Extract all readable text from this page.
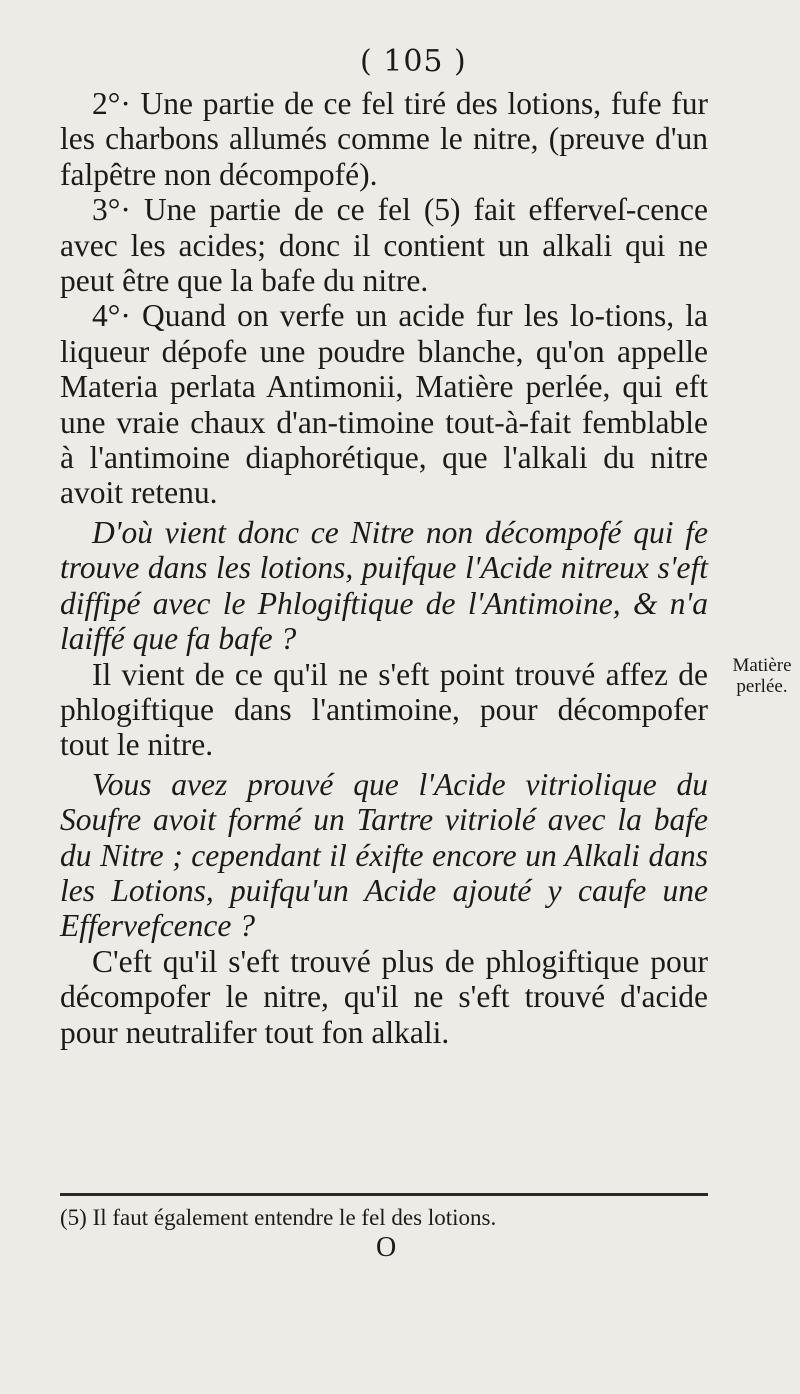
( 105 )

2°· Une partie de ce fel tiré des lotions, fufe fur les charbons allumés comme le nitre, (preuve d'un falpêtre non décompofé).

3°· Une partie de ce fel (5) fait efferveſ-cence avec les acides; donc il contient un alkali qui ne peut être que la bafe du nitre.

4°· Quand on verfe un acide fur les lo-tions, la liqueur dépofe une poudre blanche, qu'on appelle Materia perlata Antimonii, Matière perlée, qui eft une vraie chaux d'an-timoine tout-à-fait femblable à l'antimoine diaphorétique, que l'alkali du nitre avoit retenu.

D'où vient donc ce Nitre non décompofé qui fe trouve dans les lotions, puifque l'Acide nitreux s'eft diffipé avec le Phlogiftique de l'Antimoine, & n'a laiffé que fa bafe ?

Il vient de ce qu'il ne s'eft point trouvé affez de phlogiftique dans l'antimoine, pour décompofer tout le nitre.

Vous avez prouvé que l'Acide vitriolique du Soufre avoit formé un Tartre vitriolé avec la bafe du Nitre ; cependant il éxifte encore un Alkali dans les Lotions, puifqu'un Acide ajouté y caufe une Effervefcence ?

C'eft qu'il s'eft trouvé plus de phlogiftique pour décompofer le nitre, qu'il ne s'eft trouvé d'acide pour neutralifer tout fon alkali.

Matière perlée.
(5) Il faut également entendre le fel des lotions.
O
